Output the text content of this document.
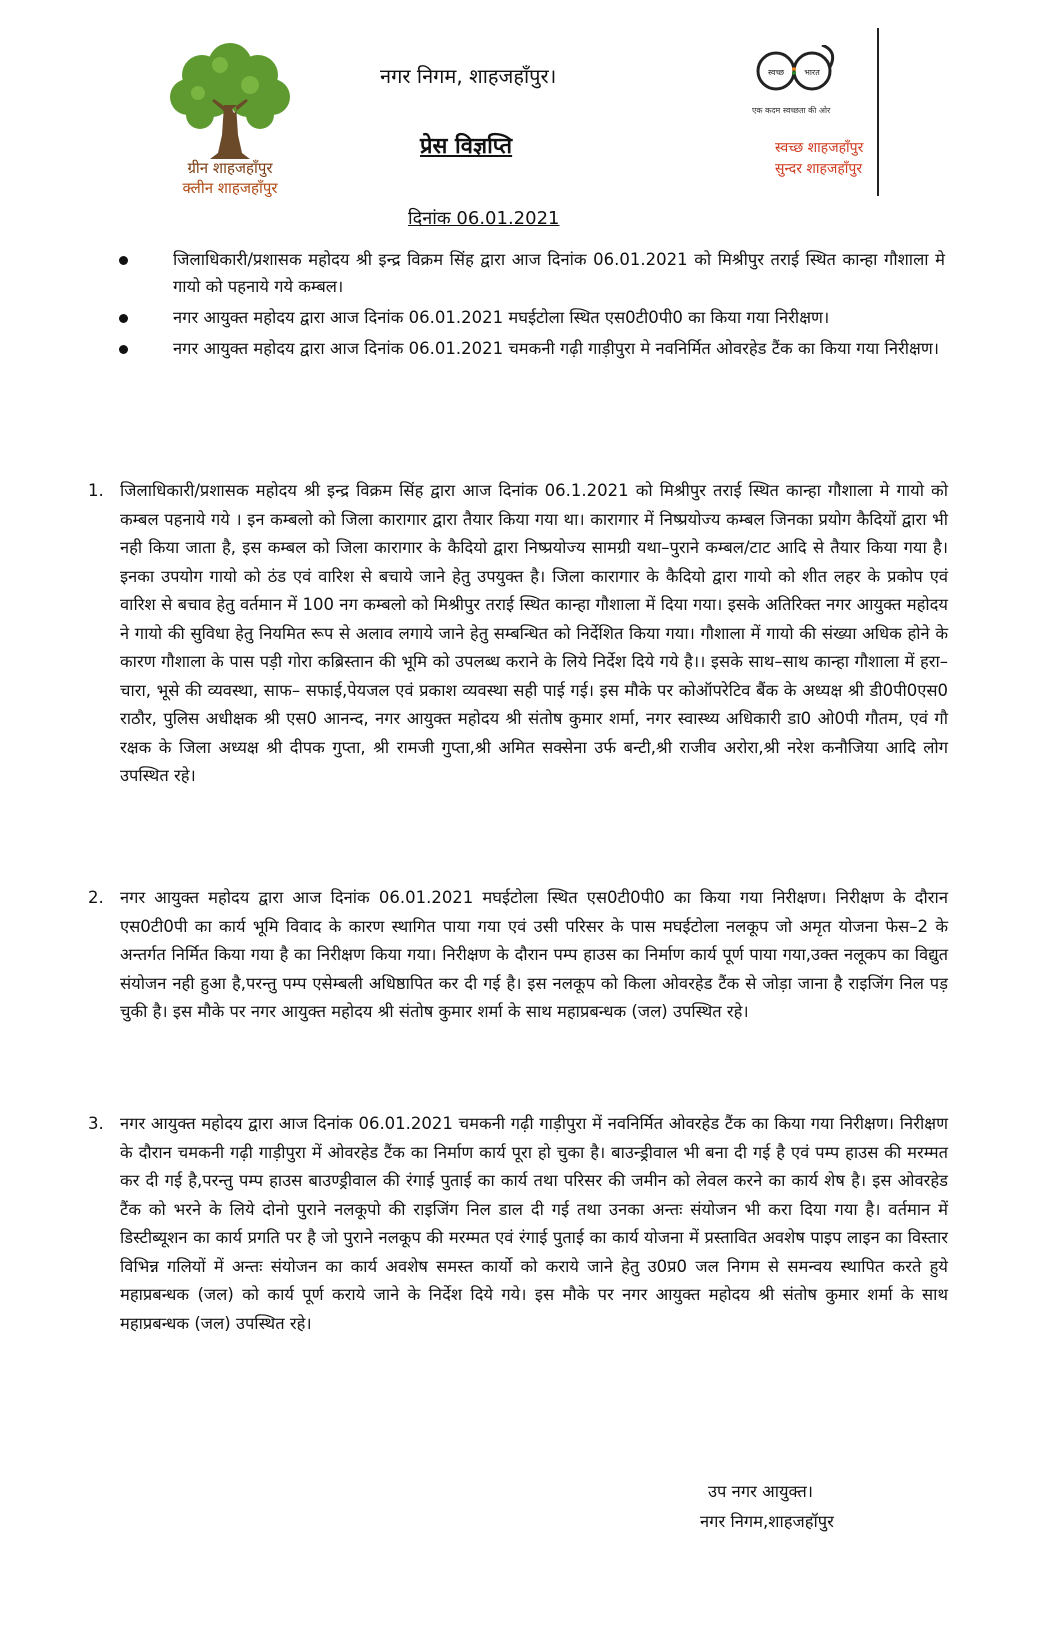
ग्रीन शाहजहाँपुर
क्लीन शाहजहाँपुर
नगर निगम, शाहजहाँपुर।
प्रेस विज्ञप्ति
दिनांक 06.01.2021
स्वच्छ	भारत
एक कदम स्वच्छता की ओर
स्वच्छ शाहजहाँपुर
सुन्दर शाहजहाँपुर
जिलाधिकारी/प्रशासक महोदय श्री इन्द्र विक्रम सिंह द्वारा आज दिनांक 06.01.2021 को मिश्रीपुर तराई स्थित कान्हा गौशाला मे गायो को पहनाये गये कम्बल।
नगर आयुक्त महोदय द्वारा आज दिनांक 06.01.2021 मघईटोला स्थित एस0टी0पी0 का किया गया निरीक्षण।
नगर आयुक्त महोदय द्वारा आज दिनांक 06.01.2021 चमकनी गढ़ी गाड़ीपुरा मे नवनिर्मित ओवरहेड टैंक का किया गया निरीक्षण।
1. जिलाधिकारी/प्रशासक महोदय श्री इन्द्र विक्रम सिंह द्वारा आज दिनांक 06.1.2021 को मिश्रीपुर तराई स्थित कान्हा गौशाला मे गायो को कम्बल पहनाये गये । इन कम्बलो को जिला कारागार द्वारा तैयार किया गया था। कारागार में निष्प्रयोज्य कम्बल जिनका प्रयोग कैदियों द्वारा भी नही किया जाता है, इस कम्बल को जिला कारागार के कैदियो द्वारा निष्प्रयोज्य सामग्री यथा–पुराने कम्बल/टाट आदि से तैयार किया गया है। इनका उपयोग गायो को ठंड एवं वारिश से बचाये जाने हेतु उपयुक्त है। जिला कारागार के कैदियो द्वारा गायो को शीत लहर के प्रकोप एवं वारिश से बचाव हेतु वर्तमान में 100 नग कम्बलो को मिश्रीपुर तराई स्थित कान्हा गौशाला में दिया गया। इसके अतिरिक्त नगर आयुक्त महोदय ने गायो की सुविधा हेतु नियमित रूप से अलाव लगाये जाने हेतु सम्बन्धित को निर्देशित किया गया। गौशाला में गायो की संख्या अधिक होने के कारण गौशाला के पास पड़ी गोरा कब्रिस्तान की भूमि को उपलब्ध कराने के लिये निर्देश दिये गये है।। इसके साथ–साथ कान्हा गौशाला में हरा–चारा, भूसे की व्यवस्था, साफ– सफाई,पेयजल एवं प्रकाश व्यवस्था सही पाई गई। इस मौके पर कोऑपरेटिव बैंक के अध्यक्ष श्री डी0पी0एस0 राठौर, पुलिस अधीक्षक श्री एस0 आनन्द, नगर आयुक्त महोदय श्री संतोष कुमार शर्मा, नगर स्वास्थ्य अधिकारी डा0 ओ0पी गौतम, एवं गौ रक्षक के जिला अध्यक्ष श्री दीपक गुप्ता, श्री रामजी गुप्ता,श्री अमित सक्सेना उर्फ बन्टी,श्री राजीव अरोरा,श्री नरेश कनौजिया आदि लोग उपस्थित रहे।
2. नगर आयुक्त महोदय द्वारा आज दिनांक 06.01.2021 मघईटोला स्थित एस0टी0पी0 का किया गया निरीक्षण। निरीक्षण के दौरान एस0टी0पी का कार्य भूमि विवाद के कारण स्थागित पाया गया एवं उसी परिसर के पास मघईटोला नलकूप जो अमृत योजना फेस–2 के अन्तर्गत निर्मित किया गया है का निरीक्षण किया गया। निरीक्षण के दौरान पम्प हाउस का निर्माण कार्य पूर्ण पाया गया,उक्त नलूकप का विद्युत संयोजन नही हुआ है,परन्तु पम्प एसेम्बली अधिष्ठापित कर दी गई है। इस नलकूप को किला ओवरहेड टैंक से जोड़ा जाना है राइजिंग निल पड़ चुकी है। इस मौके पर नगर आयुक्त महोदय श्री संतोष कुमार शर्मा के साथ महाप्रबन्धक (जल) उपस्थित रहे।
3. नगर आयुक्त महोदय द्वारा आज दिनांक 06.01.2021 चमकनी गढ़ी गाड़ीपुरा में नवनिर्मित ओवरहेड टैंक का किया गया निरीक्षण। निरीक्षण के दौरान चमकनी गढ़ी गाड़ीपुरा में ओवरहेड टैंक का निर्माण कार्य पूरा हो चुका है। बाउन्ड्रीवाल भी बना दी गई है एवं पम्प हाउस की मरम्मत कर दी गई है,परन्तु पम्प हाउस बाउण्ड्रीवाल की रंगाई पुताई का कार्य तथा परिसर की जमीन को लेवल करने का कार्य शेष है। इस ओवरहेड टैंक को भरने के लिये दोनो पुराने नलकूपो की राइजिंग निल डाल दी गई तथा उनका अन्तः संयोजन भी करा दिया गया है। वर्तमान में डिस्टीब्यूशन का कार्य प्रगति पर है जो पुराने नलकूप की मरम्मत एवं रंगाई पुताई का कार्य योजना में प्रस्तावित अवशेष पाइप लाइन का विस्तार विभिन्न गलियों में अन्तः संयोजन का कार्य अवशेष समस्त कार्यो को कराये जाने हेतु उ0प्र0 जल निगम से समन्वय स्थापित करते हुये महाप्रबन्धक (जल) को कार्य पूर्ण कराये जाने के निर्देश दिये गये। इस मौके पर नगर आयुक्त महोदय श्री संतोष कुमार शर्मा के साथ महाप्रबन्धक (जल) उपस्थित रहे।
उप नगर आयुक्त।
नगर निगम,शाहजहॉपुर
